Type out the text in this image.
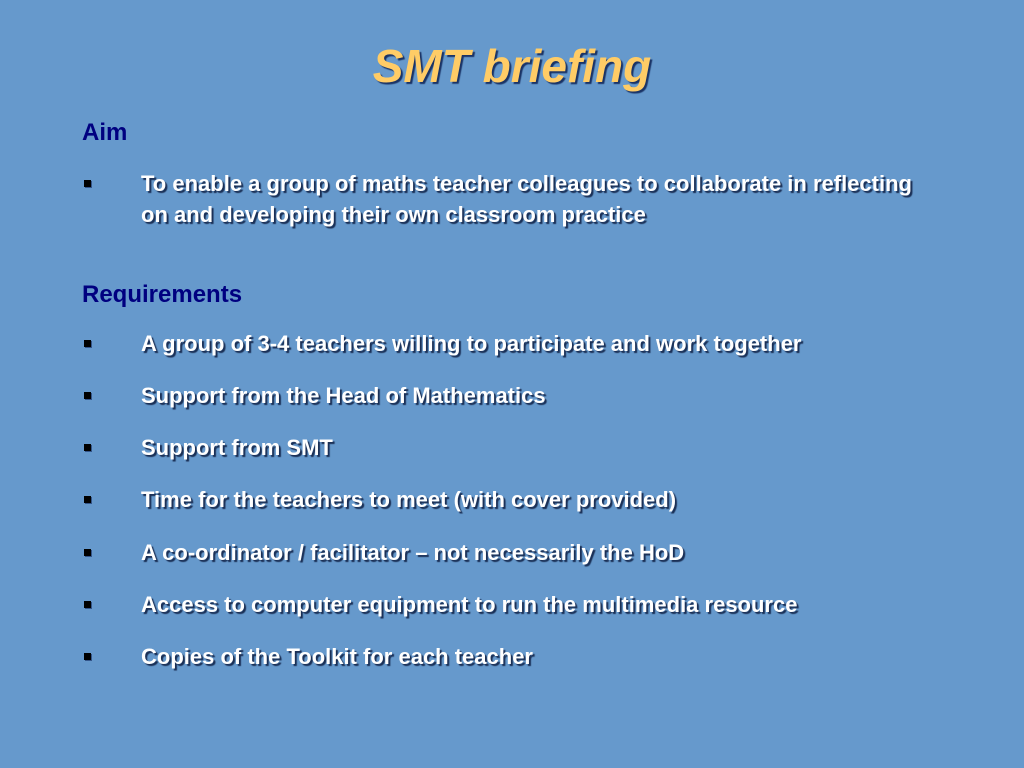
SMT briefing
Aim
To enable a group of maths teacher colleagues to collaborate in reflecting on and developing their own classroom practice
Requirements
A group of 3-4 teachers willing to participate and work together
Support from the Head of Mathematics
Support from SMT
Time for the teachers to meet (with cover provided)
A co-ordinator / facilitator – not necessarily the HoD
Access to computer equipment to run the multimedia resource
Copies of the Toolkit for each teacher
